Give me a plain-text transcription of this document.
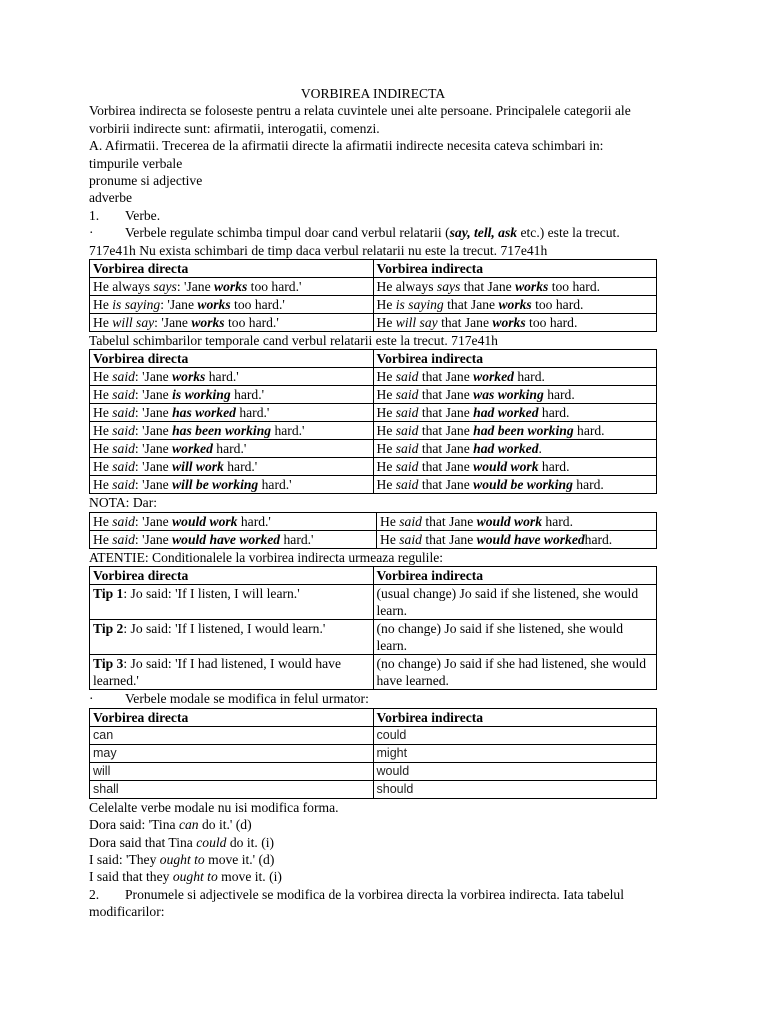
VORBIREA INDIRECTA

Vorbirea indirecta se foloseste pentru a relata cuvintele unei alte persoane. Principalele categorii ale vorbirii indirecte sunt: afirmatii, interogatii, comenzi.

A. Afirmatii. Trecerea de la afirmatii directe la afirmatii indirecte necesita cateva schimbari in:

timpurile verbale

pronume si adjective

adverbe

1. Verbe.

· Verbele regulate schimba timpul doar cand verbul relatarii (say, tell, ask etc.) este la trecut. 717e41h Nu exista schimbari de timp daca verbul relatarii nu este la trecut. 717e41h

Vorbirea directa	Vorbirea indirecta
He always says: 'Jane works too hard.'	He always says that Jane works too hard.
He is saying: 'Jane works too hard.'	He is saying that Jane works too hard.
He will say: 'Jane works too hard.'	He will say that Jane works too hard.

Tabelul schimbarilor temporale cand verbul relatarii este la trecut. 717e41h

Vorbirea directa	Vorbirea indirecta
He said: 'Jane works hard.'	He said that Jane worked hard.
He said: 'Jane is working hard.'	He said that Jane was working hard.
He said: 'Jane has worked hard.'	He said that Jane had worked hard.
He said: 'Jane has been working hard.'	He said that Jane had been working hard.
He said: 'Jane worked hard.'	He said that Jane had worked.
He said: 'Jane will work hard.'	He said that Jane would work hard.
He said: 'Jane will be working hard.'	He said that Jane would be working hard.

NOTA: Dar:

He said: 'Jane would work hard.'	He said that Jane would work hard.
He said: 'Jane would have worked hard.'	He said that Jane would have workedhard.

ATENTIE: Conditionalele la vorbirea indirecta urmeaza regulile:

Vorbirea directa	Vorbirea indirecta
Tip 1: Jo said: 'If I listen, I will learn.'	(usual change) Jo said if she listened, she would learn.
Tip 2: Jo said: 'If I listened, I would learn.'	(no change) Jo said if she listened, she would learn.
Tip 3: Jo said: 'If I had listened, I would have learned.'	(no change) Jo said if she had listened, she would have learned.

· Verbele modale se modifica in felul urmator:

Vorbirea directa	Vorbirea indirecta
can	could
may	might
will	would
shall	should

Celelalte verbe modale nu isi modifica forma.

Dora said: 'Tina can do it.' (d)

Dora said that Tina could do it. (i)

I said: 'They ought to move it.' (d)

I said that they ought to move it. (i)

2. Pronumele si adjectivele se modifica de la vorbirea directa la vorbirea indirecta. Iata tabelul modificarilor:
